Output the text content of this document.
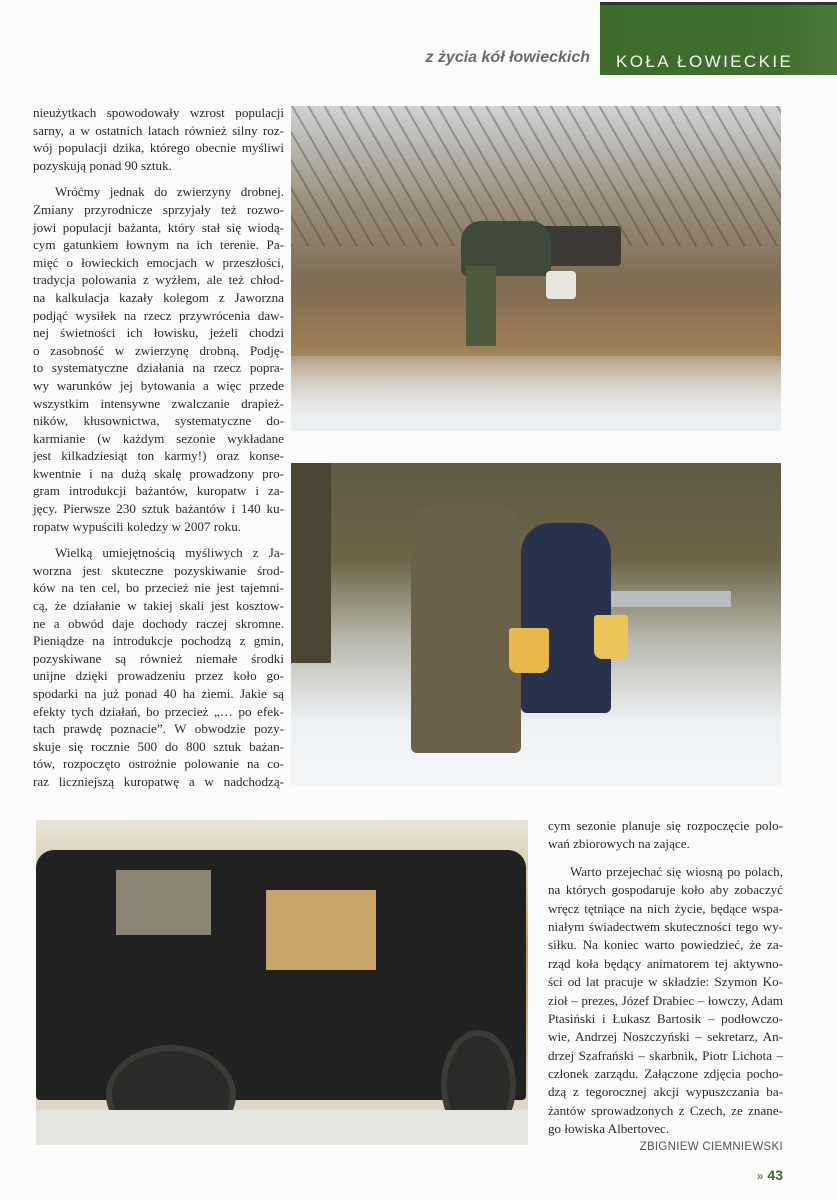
z życia kół łowieckich KOŁA ŁOWIECKIE
nieużytkach spowodowały wzrost populacji
sarny, a w ostatnich latach również silny roz-
wój populacji dzika, którego obecnie myśliwi
pozyskują ponad 90 sztuk.
Wróćmy jednak do zwierzyny drobnej.
Zmiany przyrodnicze sprzyjały też rozwo-
jowi populacji bażanta, który stał się wiodą-
cym gatunkiem łownym na ich terenie. Pa-
mięć o łowieckich emocjach w przeszłości,
tradycja polowania z wyżłem, ale też chłod-
na kalkulacja kazały kolegom z Jaworzna
podjąć wysiłek na rzecz przywrócenia daw-
nej świetności ich łowisku, jeżeli chodzi
o zasobność w zwierzynę drobną. Podję-
to systematyczne działania na rzecz popra-
wy warunków jej bytowania a więc przede
wszystkim intensywne zwalczanie drapież-
ników, kłusownictwa, systematyczne do-
karmianie (w każdym sezonie wykładane
jest kilkadziesiąt ton karmy!) oraz konse-
kwentnie i na dużą skalę prowadzony pro-
gram introdukcji bażantów, kuropatw i za-
jęcy. Pierwsze 230 sztuk bażantów i 140 ku-
ropatw wypuścili koledzy w 2007 roku.
Wielką umiejętnością myśliwych z Ja-
worzna jest skuteczne pozyskiwanie środ-
ków na ten cel, bo przecież nie jest tajemni-
cą, że działanie w takiej skali jest kosztow-
ne a obwód daje dochody raczej skromne.
Pieniądze na introdukcje pochodzą z gmin,
pozyskiwane są również niemałe środki
unijne dzięki prowadzeniu przez koło go-
spodarki na już ponad 40 ha ziemi. Jakie są
efekty tych działań, bo przecież „… po efek-
tach prawdę poznacie”. W obwodzie pozy-
skuje się rocznie 500 do 800 sztuk bażan-
tów, rozpoczęto ostrożnie polowanie na co-
raz liczniejszą kuropatwę a w nadchodzą-
cym sezonie planuje się rozpoczęcie polo-
wań zbiorowych na zające.
Warto przejechać się wiosną po polach,
na których gospodaruje koło aby zobaczyć
wręcz tętniące na nich życie, będące wspa-
niałym świadectwem skuteczności tego wy-
siłku. Na koniec warto powiedzieć, że za-
rząd koła będący animatorem tej aktywno-
ści od lat pracuje w składzie: Szymon Ko-
zioł – prezes, Józef Drabiec – łowczy, Adam
Ptasiński i Łukasz Bartosik – podłowczo-
wie, Andrzej Noszczyński – sekretarz, An-
drzej Szafrański – skarbnik, Piotr Lichota –
członek zarządu. Załączone zdjęcia pocho-
dzą z tegorocznej akcji wypuszczania ba-
żantów sprowadzonych z Czech, ze znane-
go łowiska Albertovec.
ZBIGNIEW CIEMNIEWSKI
» 43
